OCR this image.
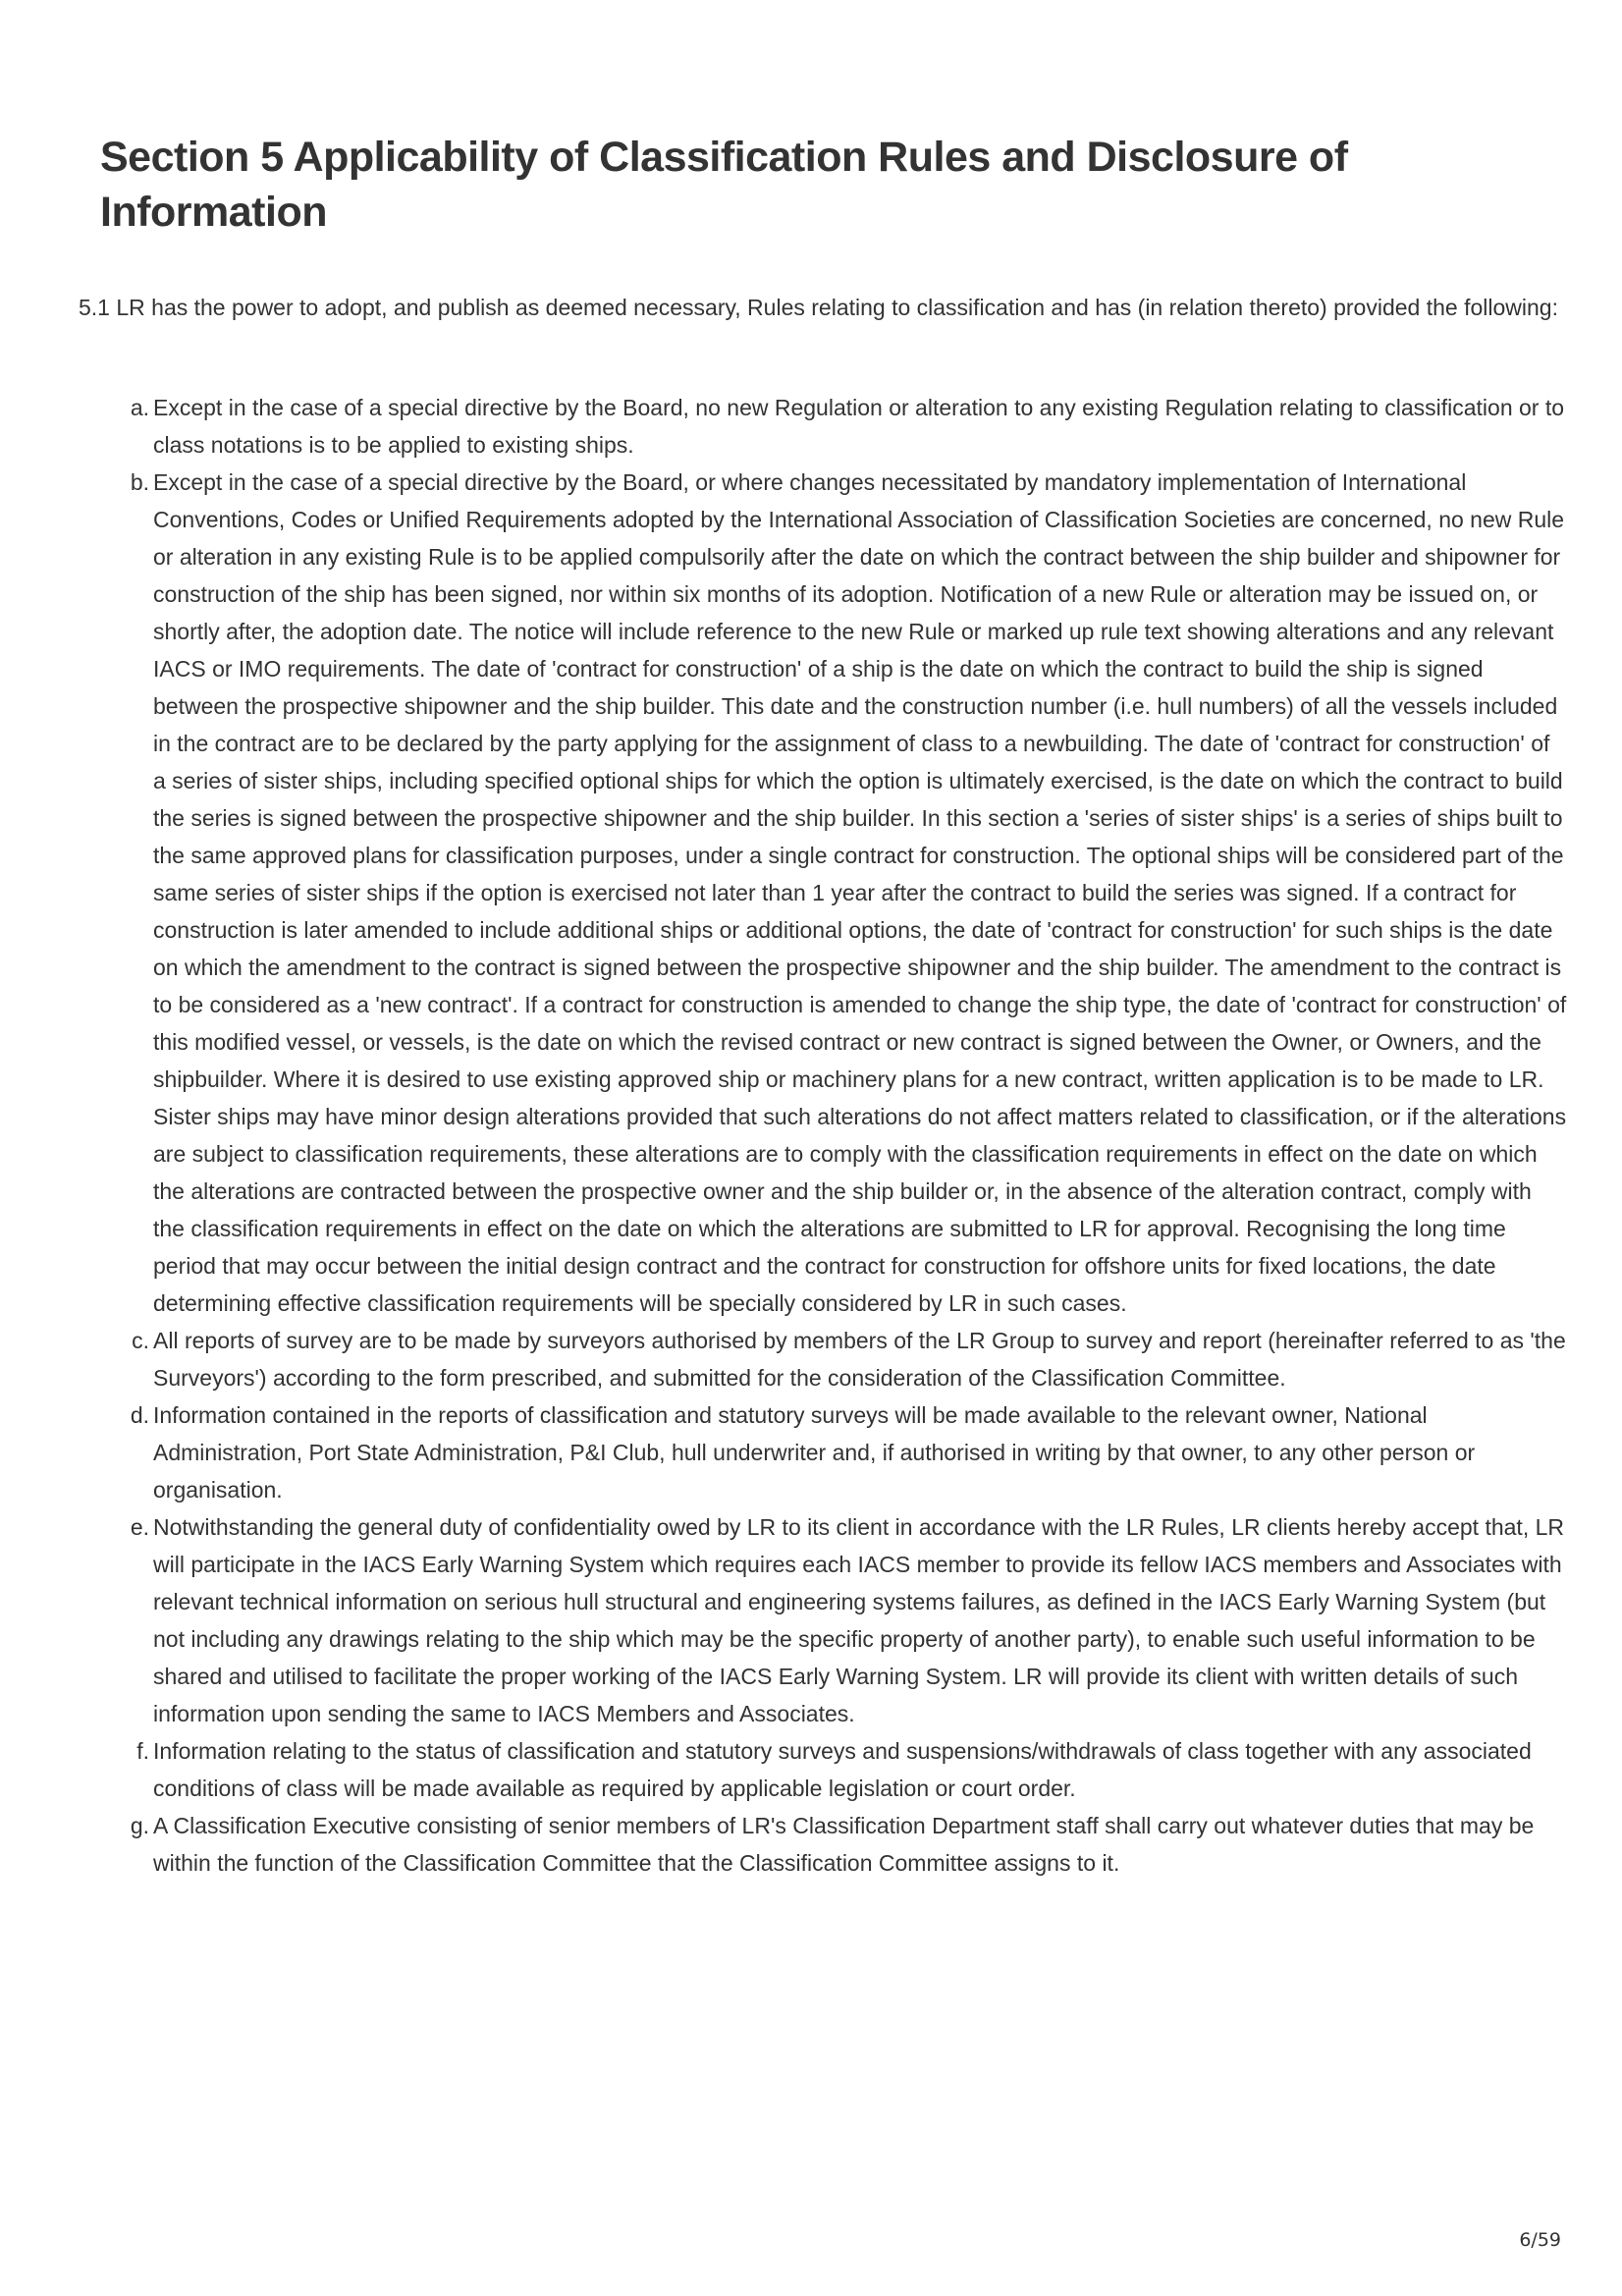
Section 5 Applicability of Classification Rules and Disclosure of Information

5.1 LR has the power to adopt, and publish as deemed necessary, Rules relating to classification and has (in relation thereto) provided the following:

a. Except in the case of a special directive by the Board, no new Regulation or alteration to any existing Regulation relating to classification or to class notations is to be applied to existing ships.
b. Except in the case of a special directive by the Board, or where changes necessitated by mandatory implementation of International Conventions, Codes or Unified Requirements adopted by the International Association of Classification Societies are concerned, no new Rule or alteration in any existing Rule is to be applied compulsorily after the date on which the contract between the ship builder and shipowner for construction of the ship has been signed, nor within six months of its adoption. Notification of a new Rule or alteration may be issued on, or shortly after, the adoption date. The notice will include reference to the new Rule or marked up rule text showing alterations and any relevant IACS or IMO requirements. The date of 'contract for construction' of a ship is the date on which the contract to build the ship is signed between the prospective shipowner and the ship builder. This date and the construction number (i.e. hull numbers) of all the vessels included in the contract are to be declared by the party applying for the assignment of class to a newbuilding. The date of 'contract for construction' of a series of sister ships, including specified optional ships for which the option is ultimately exercised, is the date on which the contract to build the series is signed between the prospective shipowner and the ship builder. In this section a 'series of sister ships' is a series of ships built to the same approved plans for classification purposes, under a single contract for construction. The optional ships will be considered part of the same series of sister ships if the option is exercised not later than 1 year after the contract to build the series was signed. If a contract for construction is later amended to include additional ships or additional options, the date of 'contract for construction' for such ships is the date on which the amendment to the contract is signed between the prospective shipowner and the ship builder. The amendment to the contract is to be considered as a 'new contract'. If a contract for construction is amended to change the ship type, the date of 'contract for construction' of this modified vessel, or vessels, is the date on which the revised contract or new contract is signed between the Owner, or Owners, and the shipbuilder. Where it is desired to use existing approved ship or machinery plans for a new contract, written application is to be made to LR. Sister ships may have minor design alterations provided that such alterations do not affect matters related to classification, or if the alterations are subject to classification requirements, these alterations are to comply with the classification requirements in effect on the date on which the alterations are contracted between the prospective owner and the ship builder or, in the absence of the alteration contract, comply with the classification requirements in effect on the date on which the alterations are submitted to LR for approval. Recognising the long time period that may occur between the initial design contract and the contract for construction for offshore units for fixed locations, the date determining effective classification requirements will be specially considered by LR in such cases.
c. All reports of survey are to be made by surveyors authorised by members of the LR Group to survey and report (hereinafter referred to as 'the Surveyors') according to the form prescribed, and submitted for the consideration of the Classification Committee.
d. Information contained in the reports of classification and statutory surveys will be made available to the relevant owner, National Administration, Port State Administration, P&I Club, hull underwriter and, if authorised in writing by that owner, to any other person or organisation.
e. Notwithstanding the general duty of confidentiality owed by LR to its client in accordance with the LR Rules, LR clients hereby accept that, LR will participate in the IACS Early Warning System which requires each IACS member to provide its fellow IACS members and Associates with relevant technical information on serious hull structural and engineering systems failures, as defined in the IACS Early Warning System (but not including any drawings relating to the ship which may be the specific property of another party), to enable such useful information to be shared and utilised to facilitate the proper working of the IACS Early Warning System. LR will provide its client with written details of such information upon sending the same to IACS Members and Associates.
f. Information relating to the status of classification and statutory surveys and suspensions/withdrawals of class together with any associated conditions of class will be made available as required by applicable legislation or court order.
g. A Classification Executive consisting of senior members of LR's Classification Department staff shall carry out whatever duties that may be within the function of the Classification Committee that the Classification Committee assigns to it.
6/59
